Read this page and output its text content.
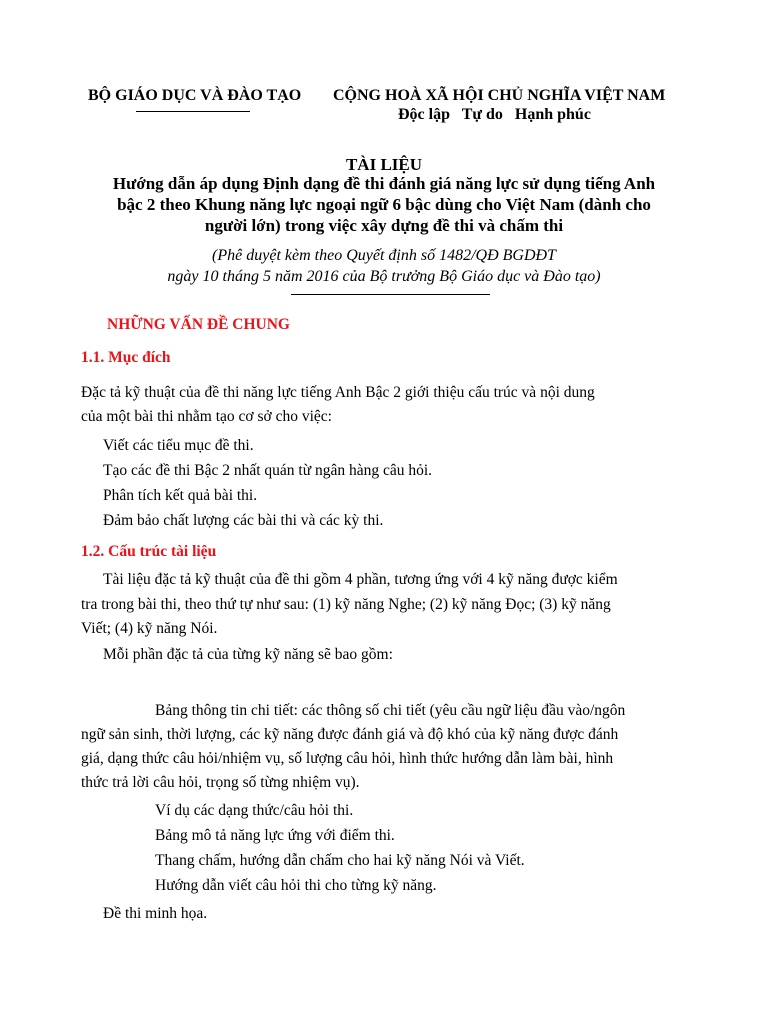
BỘ GIÁO DỤC VÀ ĐÀO TẠO CỘNG HOÀ XÃ HỘI CHỦ NGHĨA VIỆT NAM
Độc lập   Tự do   Hạnh phúc
TÀI LIỆU
Hướng dẫn áp dụng Định dạng đề thi đánh giá năng lực sử dụng tiếng Anh
bậc 2 theo Khung năng lực ngoại ngữ 6 bậc dùng cho Việt Nam (dành cho
người lớn) trong việc xây dựng đề thi và chấm thi
(Phê duyệt kèm theo Quyết định số 1482/QĐ BGDĐT
ngày 10 tháng 5 năm 2016 của Bộ trưởng Bộ Giáo dục và Đào tạo)
NHỮNG VẤN ĐỀ CHUNG
1.1. Mục đích
Đặc tả kỹ thuật của đề thi năng lực tiếng Anh Bậc 2 giới thiệu cấu trúc và nội dung
của một bài thi nhằm tạo cơ sở cho việc:
Viết các tiểu mục đề thi.
Tạo các đề thi Bậc 2 nhất quán từ ngân hàng câu hỏi.
Phân tích kết quả bài thi.
Đảm bảo chất lượng các bài thi và các kỳ thi.
1.2. Cấu trúc tài liệu
Tài liệu đặc tả kỹ thuật của đề thi gồm 4 phần, tương ứng với 4 kỹ năng được kiểm
tra trong bài thi, theo thứ tự như sau: (1) kỹ năng Nghe; (2) kỹ năng Đọc; (3) kỹ năng
Viết; (4) kỹ năng Nói.
Mỗi phần đặc tả của từng kỹ năng sẽ bao gồm:
Bảng thông tin chi tiết: các thông số chi tiết (yêu cầu ngữ liệu đầu vào/ngôn
ngữ sản sinh, thời lượng, các kỹ năng được đánh giá và độ khó của kỹ năng được đánh
giá, dạng thức câu hỏi/nhiệm vụ, số lượng câu hỏi, hình thức hướng dẫn làm bài, hình
thức trả lời câu hỏi, trọng số từng nhiệm vụ).
Ví dụ các dạng thức/câu hỏi thi.
Bảng mô tả năng lực ứng với điểm thi.
Thang chấm, hướng dẫn chấm cho hai kỹ năng Nói và Viết.
Hướng dẫn viết câu hỏi thi cho từng kỹ năng.
Đề thi minh họa.
